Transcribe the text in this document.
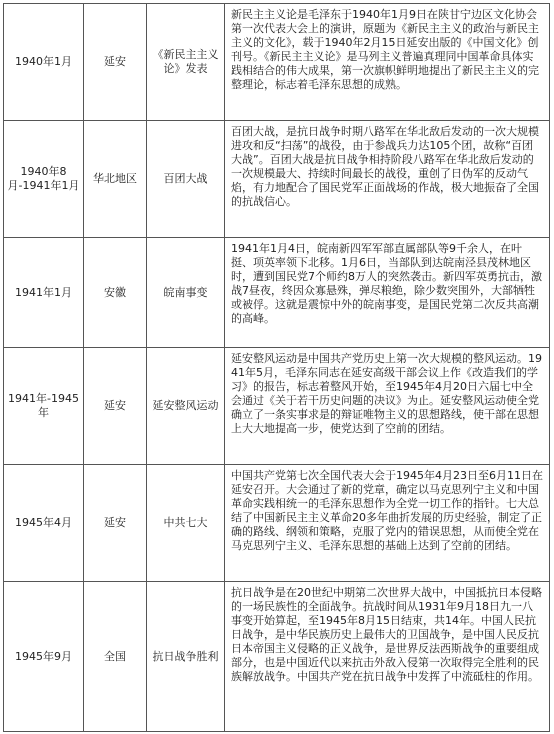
1940年1月	延安	《新民主主义论》发表	新民主主义论是毛泽东于1940年1月9日在陕甘宁边区文化协会第一次代表大会上的演讲，原题为《新民主主义的政治与新民主主义的文化》，载于1940年2月15日延安出版的《中国文化》创刊号。《新民主主义论》是马列主义普遍真理同中国革命具体实践相结合的伟大成果，第一次旗帜鲜明地提出了新民主主义的完整理论，标志着毛泽东思想的成熟。
1940年8月-1941年1月	华北地区	百团大战	百团大战，是抗日战争时期八路军在华北敌后发动的一次大规模进攻和反“扫荡”的战役，由于参战兵力达105个团，故称“百团大战”。百团大战是抗日战争相持阶段八路军在华北敌后发动的一次规模最大、持续时间最长的战役，重创了日伪军的反动气焰，有力地配合了国民党军正面战场的作战，极大地振奋了全国的抗战信心。
1941年1月	安徽	皖南事变	1941年1月4日，皖南新四军军部直属部队等9千余人，在叶挺、项英率领下北移。1月6日，当部队到达皖南泾县茂林地区时，遭到国民党7个师约8万人的突然袭击。新四军英勇抗击，激战7昼夜，终因众寡悬殊，弹尽粮绝，除少数突围外，大部牺牲或被俘。这就是震惊中外的皖南事变，是国民党第二次反共高潮的高峰。
1941年-1945年	延安	延安整风运动	延安整风运动是中国共产党历史上第一次大规模的整风运动。1941年5月，毛泽东同志在延安高级干部会议上作《改造我们的学习》的报告，标志着整风开始，至1945年4月20日六届七中全会通过《关于若干历史问题的决议》为止。延安整风运动使全党确立了一条实事求是的辩证唯物主义的思想路线，使干部在思想上大大地提高一步，使党达到了空前的团结。
1945年4月	延安	中共七大	中国共产党第七次全国代表大会于1945年4月23日至6月11日在延安召开。大会通过了新的党章，确定以马克思列宁主义和中国革命实践相统一的毛泽东思想作为全党一切工作的指针。七大总结了中国新民主主义革命20多年曲折发展的历史经验，制定了正确的路线、纲领和策略，克服了党内的错误思想，从而使全党在马克思列宁主义、毛泽东思想的基础上达到了空前的团结。
1945年9月	全国	抗日战争胜利	抗日战争是在20世纪中期第二次世界大战中，中国抵抗日本侵略的一场民族性的全面战争。抗战时间从1931年9月18日九一八事变开始算起，至1945年8月15日结束，共14年。中国人民抗日战争，是中华民族历史上最伟大的卫国战争，是中国人民反抗日本帝国主义侵略的正义战争，是世界反法西斯战争的重要组成部分，也是中国近代以来抗击外敌入侵第一次取得完全胜利的民族解放战争。中国共产党在抗日战争中发挥了中流砥柱的作用。
